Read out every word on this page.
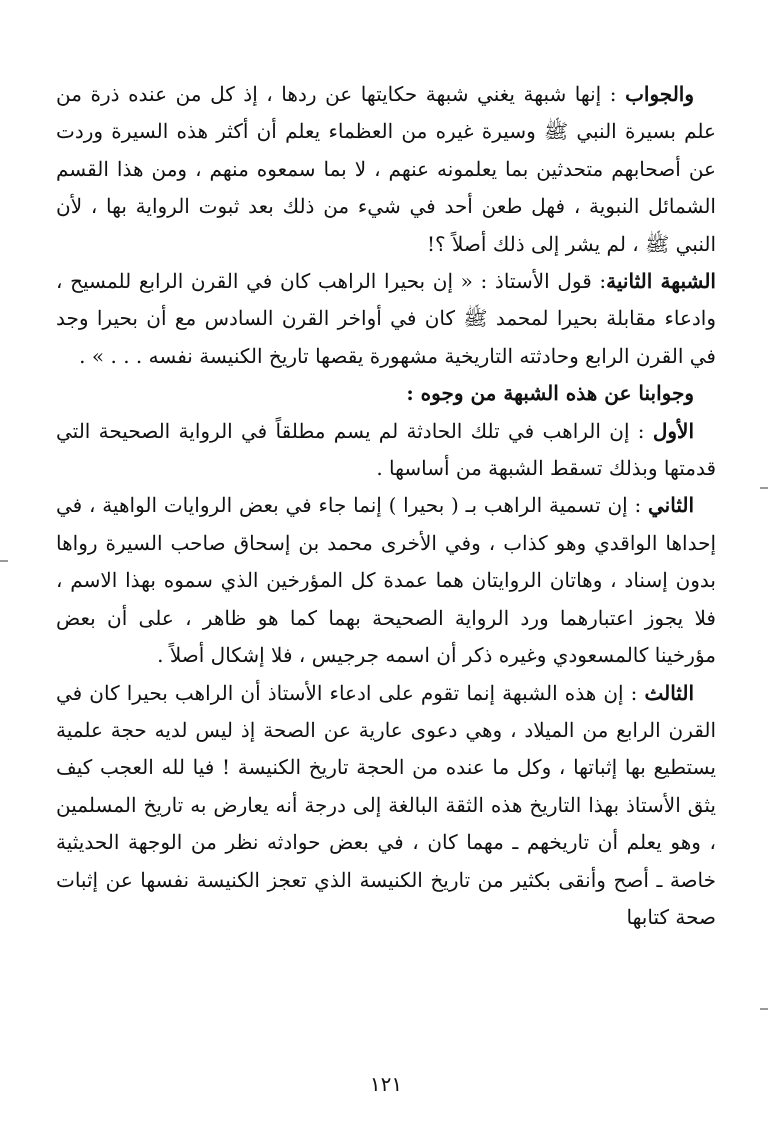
والجواب : إنها شبهة يغني شبهة حكايتها عن ردها ، إذ كل من عنده ذرة من علم بسيرة النبي ﷺ وسيرة غيره من العظماء يعلم أن أكثر هذه السيرة وردت عن أصحابهم متحدثين بما يعلمونه عنهم ، لا بما سمعوه منهم ، ومن هذا القسم الشمائل النبوية ، فهل طعن أحد في شيء من ذلك بعد ثبوت الرواية بها ، لأن النبي ﷺ ، لم يشر إلى ذلك أصلاً ؟!

الشبهة الثانية: قول الأستاذ : « إن بحيرا الراهب كان في القرن الرابع للمسيح ، وادعاء مقابلة بحيرا لمحمد ﷺ كان في أواخر القرن السادس مع أن بحيرا وجد في القرن الرابع وحادثته التاريخية مشهورة يقصها تاريخ الكنيسة نفسه . . . » .

وجوابنا عن هذه الشبهة من وجوه :

الأول : إن الراهب في تلك الحادثة لم يسم مطلقاً في الرواية الصحيحة التي قدمتها وبذلك تسقط الشبهة من أساسها .

الثاني : إن تسمية الراهب بـ ( بحيرا ) إنما جاء في بعض الروايات الواهية ، في إحداها الواقدي وهو كذاب ، وفي الأخرى محمد بن إسحاق صاحب السيرة رواها بدون إسناد ، وهاتان الروايتان هما عمدة كل المؤرخين الذي سموه بهذا الاسم ، فلا يجوز اعتبارهما ورد الرواية الصحيحة بهما كما هو ظاهر ، على أن بعض مؤرخينا كالمسعودي وغيره ذكر أن اسمه جرجيس ، فلا إشكال أصلاً .

الثالث : إن هذه الشبهة إنما تقوم على ادعاء الأستاذ أن الراهب بحيرا كان في القرن الرابع من الميلاد ، وهي دعوى عارية عن الصحة إذ ليس لديه حجة علمية يستطيع بها إثباتها ، وكل ما عنده من الحجة تاريخ الكنيسة ! فيا لله العجب كيف يثق الأستاذ بهذا التاريخ هذه الثقة البالغة إلى درجة أنه يعارض به تاريخ المسلمين ، وهو يعلم أن تاريخهم ـ مهما كان ، في بعض حوادثه نظر من الوجهة الحديثية خاصة ـ أصح وأنقى بكثير من تاريخ الكنيسة الذي تعجز الكنيسة نفسها عن إثبات صحة كتابها

١٢١
